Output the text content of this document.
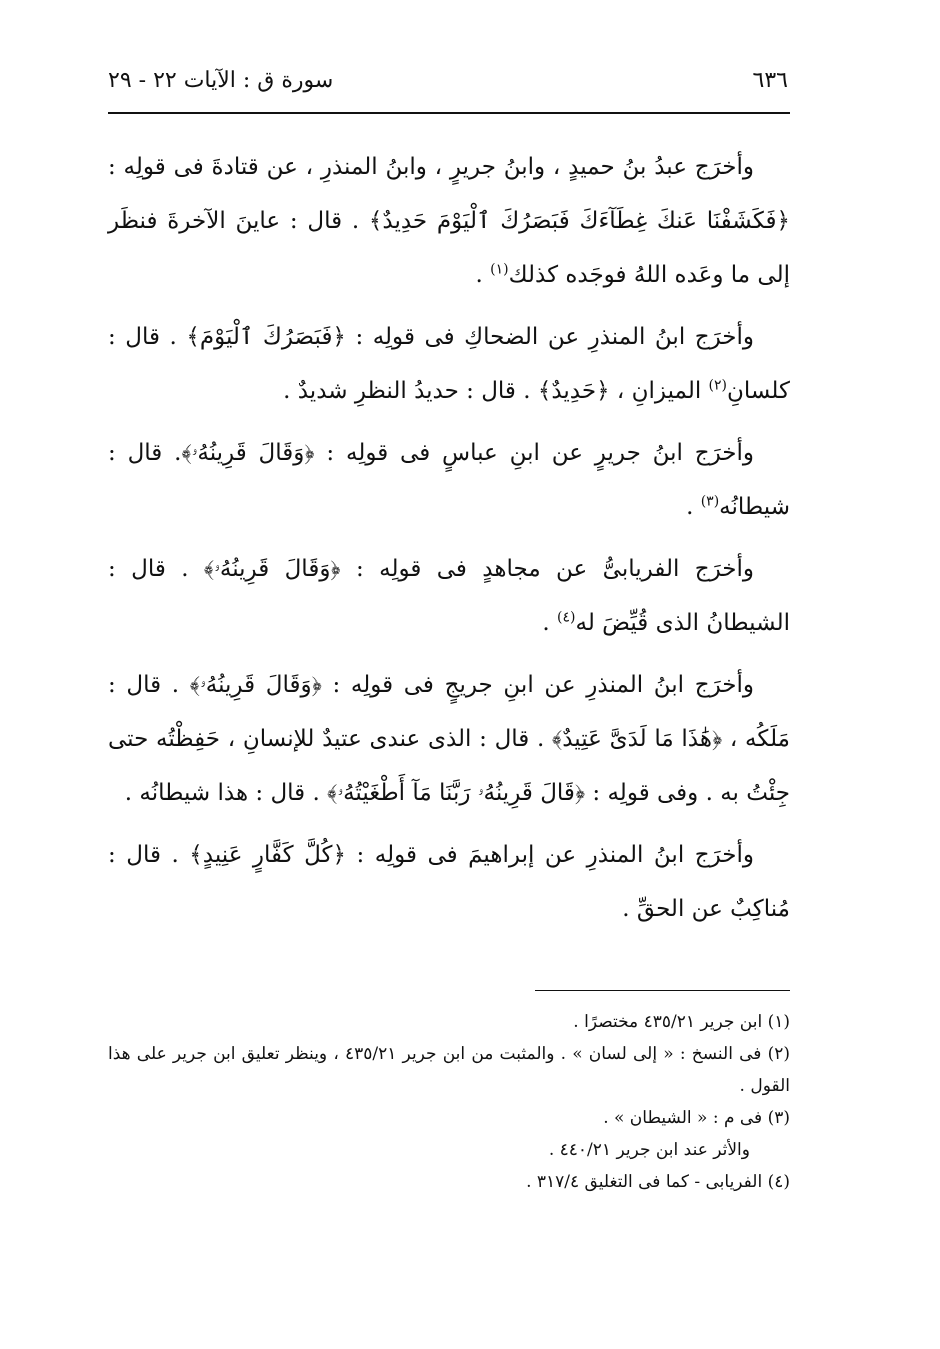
٦٣٦
سورة ق : الآيات ٢٢ - ٢٩

وأخرَج عبدُ بنُ حميدٍ ، وابنُ جريرٍ ، وابنُ المنذرِ ، عن قتادةَ فى قولِه : ﴿فَكَشَفْنَا عَنكَ غِطَآءَكَ فَبَصَرُكَ ٱلْيَوْمَ حَدِيدٌ﴾ . قال : عاينَ الآخرةَ فنظَر إلى ما وعَده اللهُ فوجَده كذلك$^{(١)}$ .

وأخرَج ابنُ المنذرِ عن الضحاكِ فى قولِه : ﴿فَبَصَرُكَ ٱلْيَوْمَ﴾ . قال : كلسانِ$^{(٢)}$ الميزانِ ، ﴿حَدِيدٌ﴾ . قال : حديدُ النظرِ شديدٌ .

وأخرَج ابنُ جريرٍ عن ابنِ عباسٍ فى قولِه : ﴿وَقَالَ قَرِينُهُۥ﴾. قال : شيطانُه$^{(٣)}$ .

وأخرَج الفريابىُّ عن مجاهدٍ فى قولِه : ﴿وَقَالَ قَرِينُهُۥ﴾ . قال : الشيطانُ الذى قُيِّضَ له$^{(٤)}$ .

وأخرَج ابنُ المنذرِ عن ابنِ جريجٍ فى قولِه : ﴿وَقَالَ قَرِينُهُۥ﴾ . قال : مَلَكُه ، ﴿هَٰذَا مَا لَدَىَّ عَتِيدٌ﴾ . قال : الذى عندى عتيدٌ للإنسانِ ، حَفِظْتُه حتى جِئْتُ به . وفى قولِه : ﴿قَالَ قَرِينُهُۥ رَبَّنَا مَآ أَطْغَيْتُهُۥ﴾ . قال : هذا شيطانُه .

وأخرَج ابنُ المنذرِ عن إبراهيمَ فى قولِه : ﴿كُلَّ كَفَّارٍ عَنِيدٍ﴾ . قال : مُناكِبٌ عن الحقِّ .

(١) ابن جرير ٤٣٥/٢١ مختصرًا .

(٢) فى النسخ : « إلى لسان » . والمثبت من ابن جرير ٤٣٥/٢١ ، وينظر تعليق ابن جرير على هذا القول .

(٣) فى م : « الشيطان » .

والأثر عند ابن جرير ٤٤٠/٢١ .

(٤) الفريابى - كما فى التغليق ٣١٧/٤ .
